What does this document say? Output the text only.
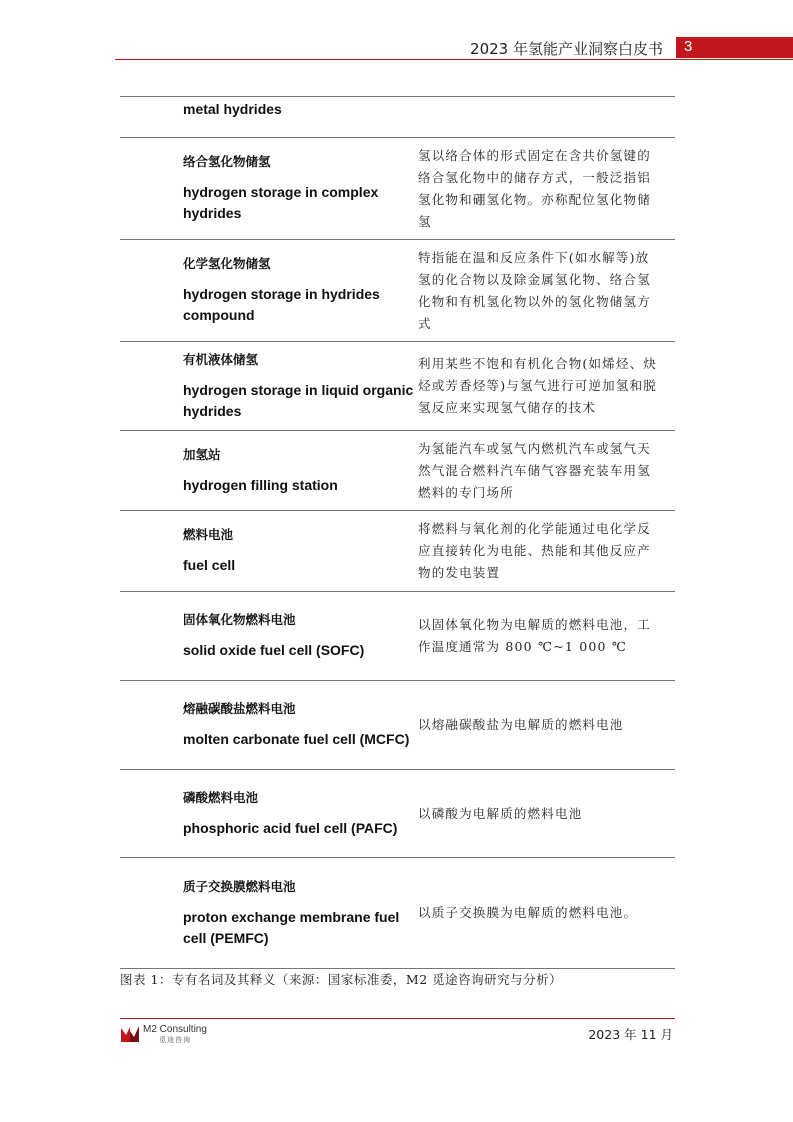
2023 年氢能产业洞察白皮书 3
metal hydrides	

络合氢化物储氢
hydrogen storage in complex hydrides	氢以络合体的形式固定在含共价氢键的络合氢化物中的储存方式，一般泛指铝氢化物和硼氢化物。亦称配位氢化物储氢

化学氢化物储氢
hydrogen storage in hydrides compound	特指能在温和反应条件下(如水解等)放氢的化合物以及除金属氢化物、络合氢化物和有机氢化物以外的氢化物储氢方式

有机液体储氢
hydrogen storage in liquid organic hydrides	利用某些不饱和有机化合物(如烯烃、炔烃或芳香烃等)与氢气进行可逆加氢和脱氢反应来实现氢气储存的技术

加氢站
hydrogen filling station	为氢能汽车或氢气内燃机汽车或氢气天然气混合燃料汽车储气容器充装车用氢燃料的专门场所

燃料电池
fuel cell	将燃料与氧化剂的化学能通过电化学反应直接转化为电能、热能和其他反应产物的发电装置

固体氧化物燃料电池
solid oxide fuel cell (SOFC)	以固体氧化物为电解质的燃料电池，工作温度通常为 800 ℃~1 000 ℃

熔融碳酸盐燃料电池
molten carbonate fuel cell (MCFC)	以熔融碳酸盐为电解质的燃料电池

磷酸燃料电池
phosphoric acid fuel cell (PAFC)	以磷酸为电解质的燃料电池

质子交换膜燃料电池
proton exchange membrane fuel cell (PEMFC)	以质子交换膜为电解质的燃料电池。
图表 1：专有名词及其释义（来源：国家标准委，M2 觅途咨询研究与分析）
M2 Consulting
觅途咨询	2023 年 11 月
